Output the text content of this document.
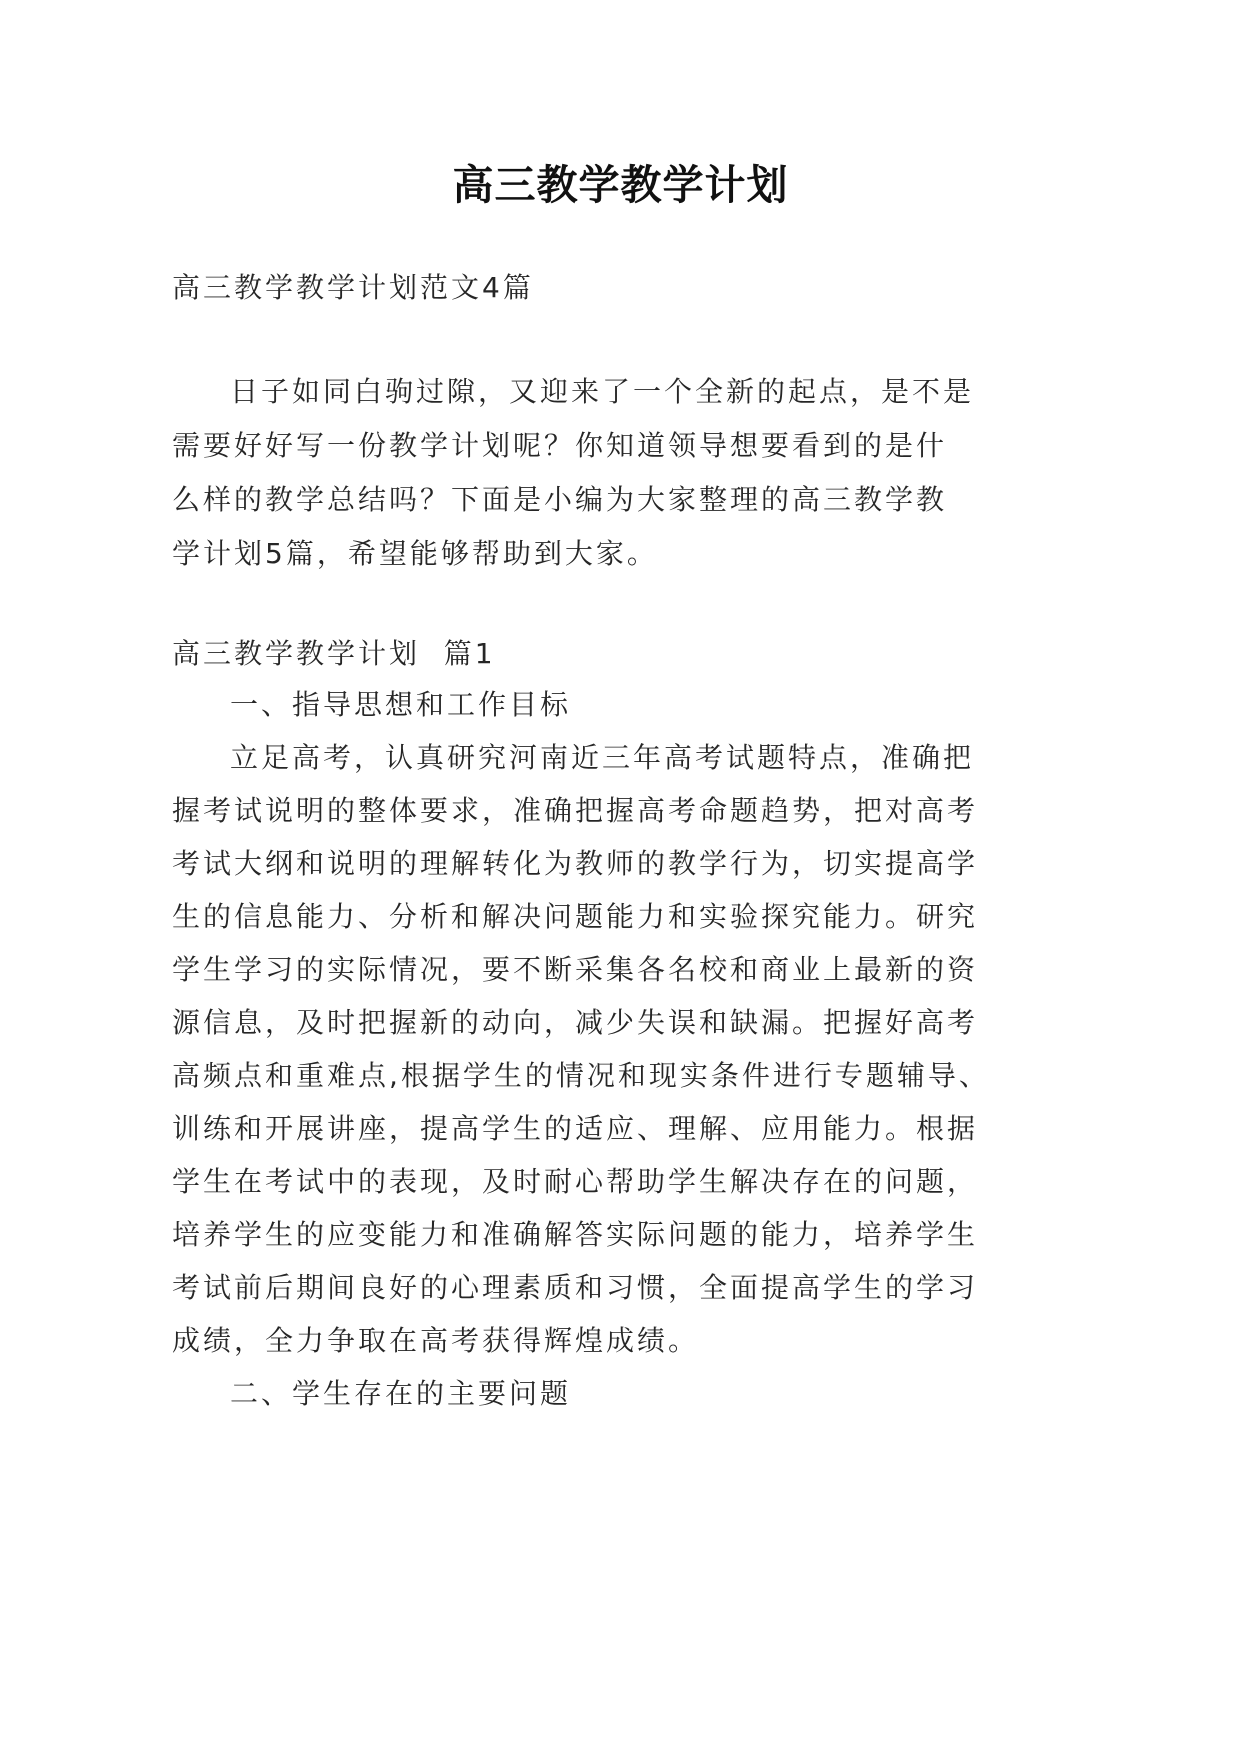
高三教学教学计划
高三教学教学计划范文4篇
日子如同白驹过隙，又迎来了一个全新的起点，是不是
需要好好写一份教学计划呢？你知道领导想要看到的是什
么样的教学总结吗？下面是小编为大家整理的高三教学教
学计划5篇，希望能够帮助到大家。
高三教学教学计划  篇1
一、指导思想和工作目标
立足高考，认真研究河南近三年高考试题特点，准确把
握考试说明的整体要求，准确把握高考命题趋势，把对高考
考试大纲和说明的理解转化为教师的教学行为，切实提高学
生的信息能力、分析和解决问题能力和实验探究能力。研究
学生学习的实际情况，要不断采集各名校和商业上最新的资
源信息，及时把握新的动向，减少失误和缺漏。把握好高考
高频点和重难点,根据学生的情况和现实条件进行专题辅导、
训练和开展讲座，提高学生的适应、理解、应用能力。根据
学生在考试中的表现，及时耐心帮助学生解决存在的问题，
培养学生的应变能力和准确解答实际问题的能力，培养学生
考试前后期间良好的心理素质和习惯，全面提高学生的学习
成绩，全力争取在高考获得辉煌成绩。
二、学生存在的主要问题
